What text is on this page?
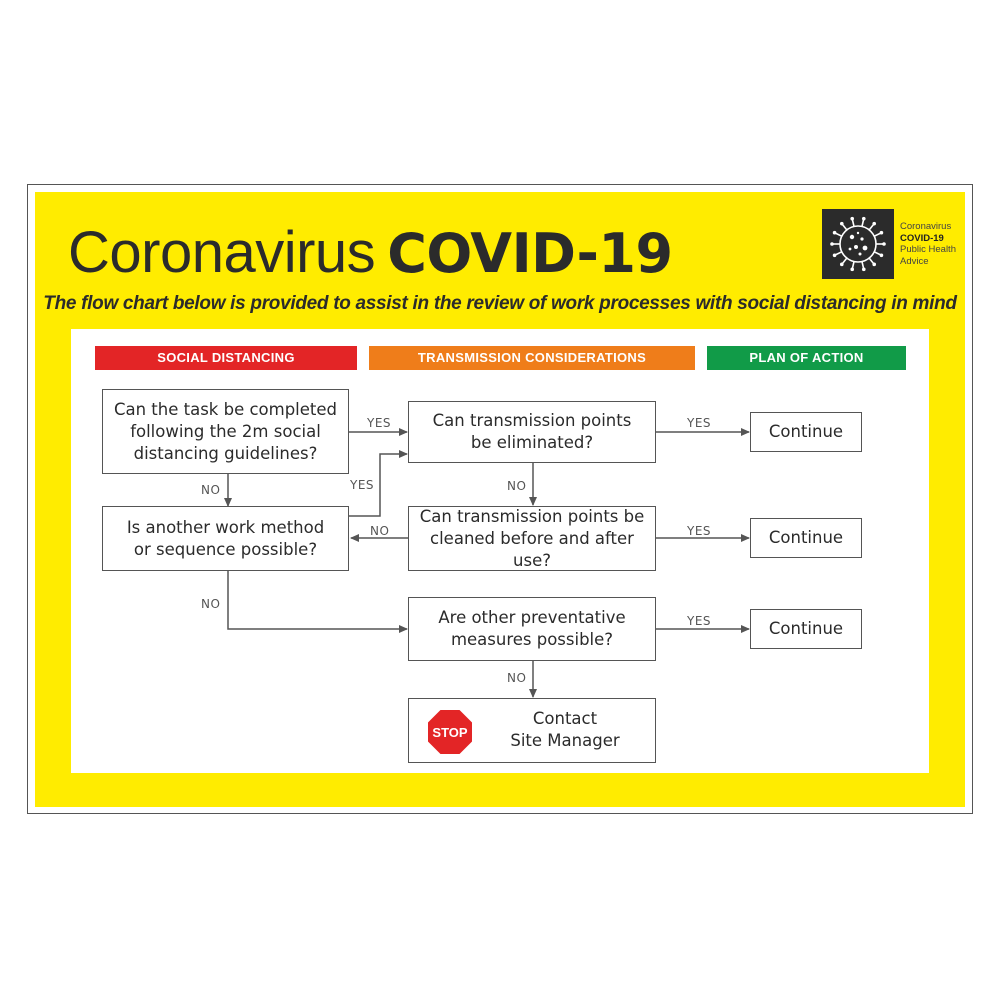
Coronavirus COVID-19	Coronavirus
COVID-19
Public Health
Advice
The flow chart below is provided to assist in the review of work processes with social distancing in mind
SOCIAL DISTANCING	TRANSMISSION CONSIDERATIONS	PLAN OF ACTION
Can the task be completed
following the 2m social
distancing guidelines?
Is another work method
or sequence possible?
Can transmission points
be eliminated?
Can transmission points be
cleaned before and after use?
Are other preventative
measures possible?
Continue
Continue
Continue
STOP
Contact
Site Manager
YES	YES
NO	YES	NO
NO	YES
NO
YES
NO
